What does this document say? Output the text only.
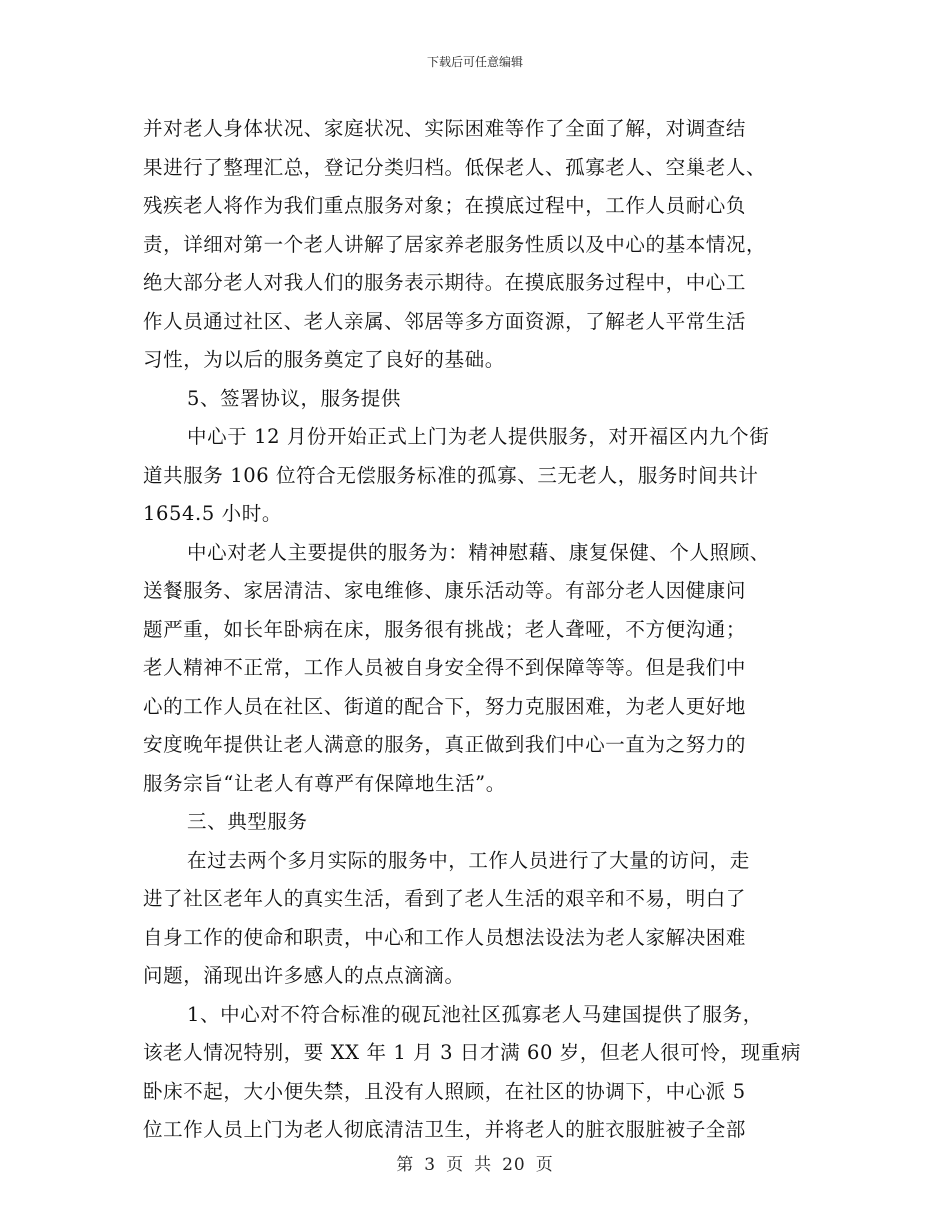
下载后可任意编辑
并对老人身体状况、家庭状况、实际困难等作了全面了解，对调查结
果进行了整理汇总，登记分类归档。低保老人、孤寡老人、空巢老人、
残疾老人将作为我们重点服务对象；在摸底过程中，工作人员耐心负
责，详细对第一个老人讲解了居家养老服务性质以及中心的基本情况，
绝大部分老人对我人们的服务表示期待。在摸底服务过程中，中心工
作人员通过社区、老人亲属、邻居等多方面资源，了解老人平常生活
习性，为以后的服务奠定了良好的基础。
5、签署协议，服务提供
中心于 12 月份开始正式上门为老人提供服务，对开福区内九个街
道共服务 106 位符合无偿服务标准的孤寡、三无老人，服务时间共计
1654.5 小时。
中心对老人主要提供的服务为：精神慰藉、康复保健、个人照顾、
送餐服务、家居清洁、家电维修、康乐活动等。有部分老人因健康问
题严重，如长年卧病在床，服务很有挑战；老人聋哑，不方便沟通；
老人精神不正常，工作人员被自身安全得不到保障等等。但是我们中
心的工作人员在社区、街道的配合下，努力克服困难，为老人更好地
安度晚年提供让老人满意的服务，真正做到我们中心一直为之努力的
服务宗旨“让老人有尊严有保障地生活”。
三、典型服务
在过去两个多月实际的服务中，工作人员进行了大量的访问，走
进了社区老年人的真实生活，看到了老人生活的艰辛和不易，明白了
自身工作的使命和职责，中心和工作人员想法设法为老人家解决困难
问题，涌现出许多感人的点点滴滴。
1、中心对不符合标准的砚瓦池社区孤寡老人马建国提供了服务，
该老人情况特别，要 XX 年 1 月 3 日才满 60 岁，但老人很可怜，现重病
卧床不起，大小便失禁，且没有人照顾，在社区的协调下，中心派 5
位工作人员上门为老人彻底清洁卫生，并将老人的脏衣服脏被子全部
第 3 页 共 20 页
